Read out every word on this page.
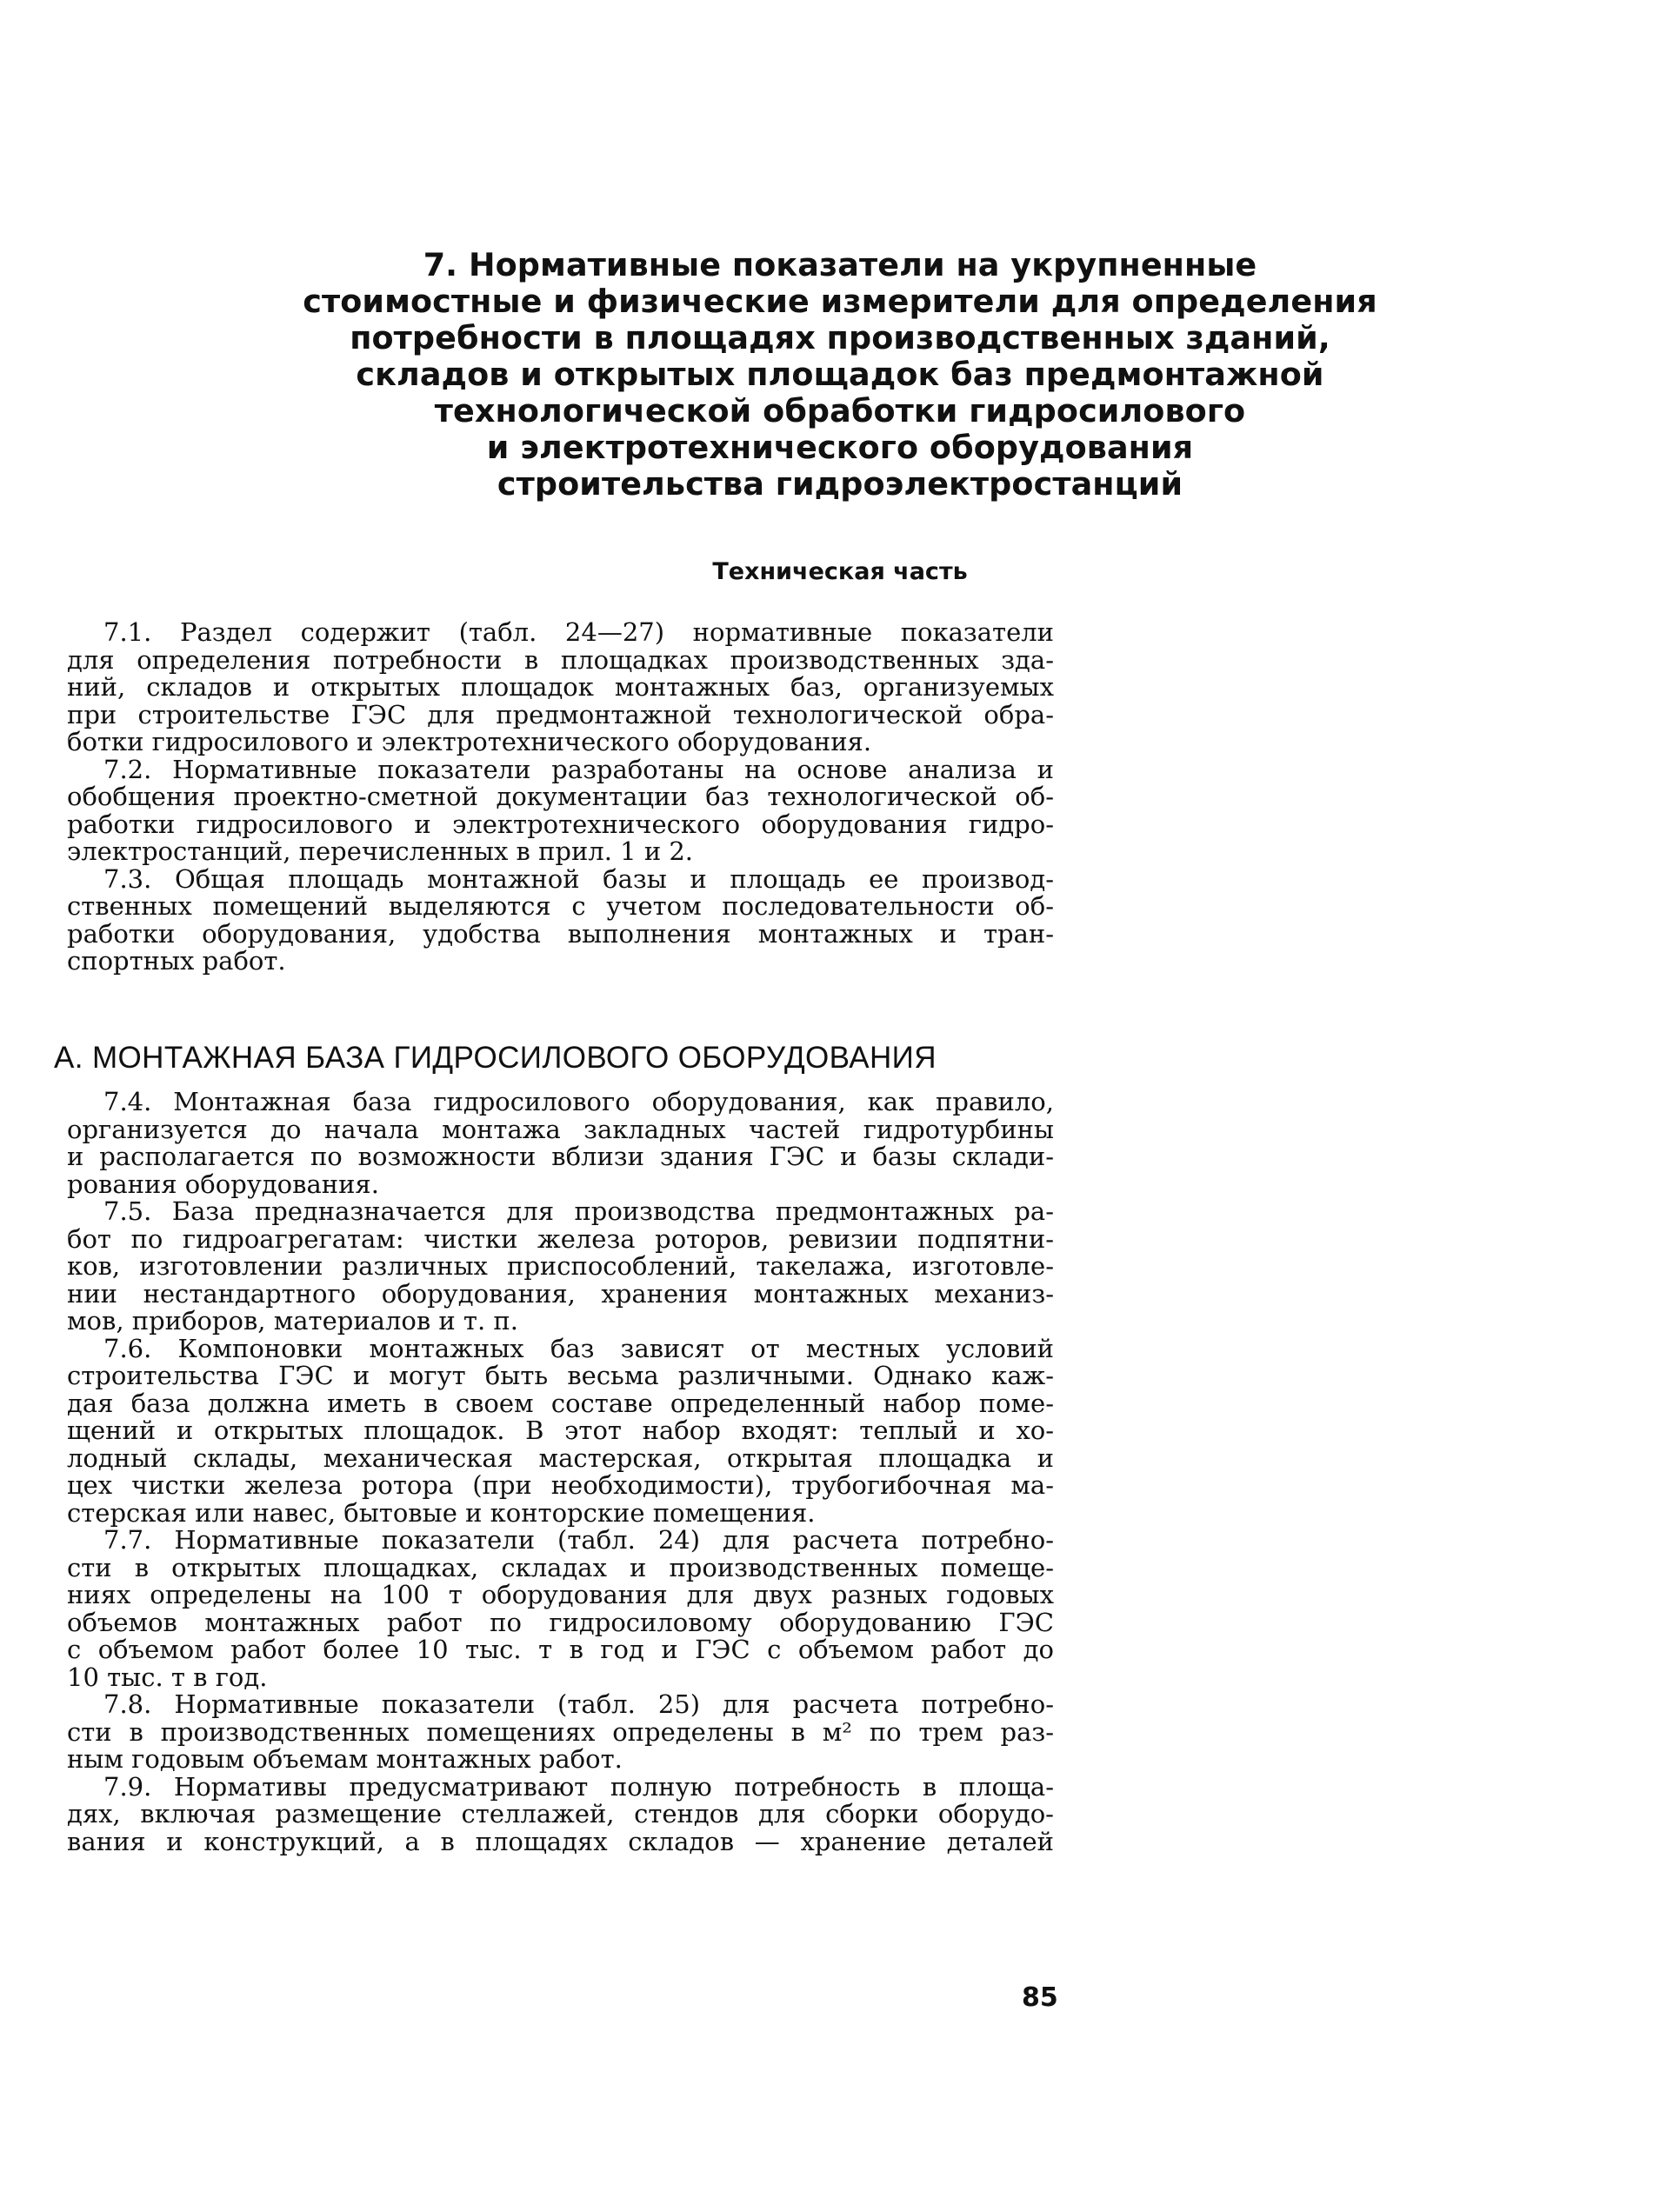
7. Нормативные показатели на укрупненные
стоимостные и физические измерители для определения
потребности в площадях производственных зданий,
складов и открытых площадок баз предмонтажной
технологической обработки гидросилового
и электротехнического оборудования
строительства гидроэлектростанций
Техническая часть
7.1. Раздел содержит (табл. 24—27) нормативные показатели
для определения потребности в площадках производственных зда-
ний, складов и открытых площадок монтажных баз, организуемых
при строительстве ГЭС для предмонтажной технологической обра-
ботки гидросилового и электротехнического оборудования.
7.2. Нормативные показатели разработаны на основе анализа и
обобщения проектно-сметной документации баз технологической об-
работки гидросилового и электротехнического оборудования гидро-
электростанций, перечисленных в прил. 1 и 2.
7.3. Общая площадь монтажной базы и площадь ее производ-
ственных помещений выделяются с учетом последовательности об-
работки оборудования, удобства выполнения монтажных и тран-
спортных работ.
А. МОНТАЖНАЯ БАЗА ГИДРОСИЛОВОГО ОБОРУДОВАНИЯ
7.4. Монтажная база гидросилового оборудования, как правило,
организуется до начала монтажа закладных частей гидротурбины
и располагается по возможности вблизи здания ГЭС и базы склади-
рования оборудования.
7.5. База предназначается для производства предмонтажных ра-
бот по гидроагрегатам: чистки железа роторов, ревизии подпятни-
ков, изготовлении различных приспособлений, такелажа, изготовле-
нии нестандартного оборудования, хранения монтажных механиз-
мов, приборов, материалов и т. п.
7.6. Компоновки монтажных баз зависят от местных условий
строительства ГЭС и могут быть весьма различными. Однако каж-
дая база должна иметь в своем составе определенный набор поме-
щений и открытых площадок. В этот набор входят: теплый и хо-
лодный склады, механическая мастерская, открытая площадка и
цех чистки железа ротора (при необходимости), трубогибочная ма-
стерская или навес, бытовые и конторские помещения.
7.7. Нормативные показатели (табл. 24) для расчета потребно-
сти в открытых площадках, складах и производственных помеще-
ниях определены на 100 т оборудования для двух разных годовых
объемов монтажных работ по гидросиловому оборудованию ГЭС
с объемом работ более 10 тыс. т в год и ГЭС с объемом работ до
10 тыс. т в год.
7.8. Нормативные показатели (табл. 25) для расчета потребно-
сти в производственных помещениях определены в м² по трем раз-
ным годовым объемам монтажных работ.
7.9. Нормативы предусматривают полную потребность в площа-
дях, включая размещение стеллажей, стендов для сборки оборудо-
вания и конструкций, а в площадях складов — хранение деталей
85
